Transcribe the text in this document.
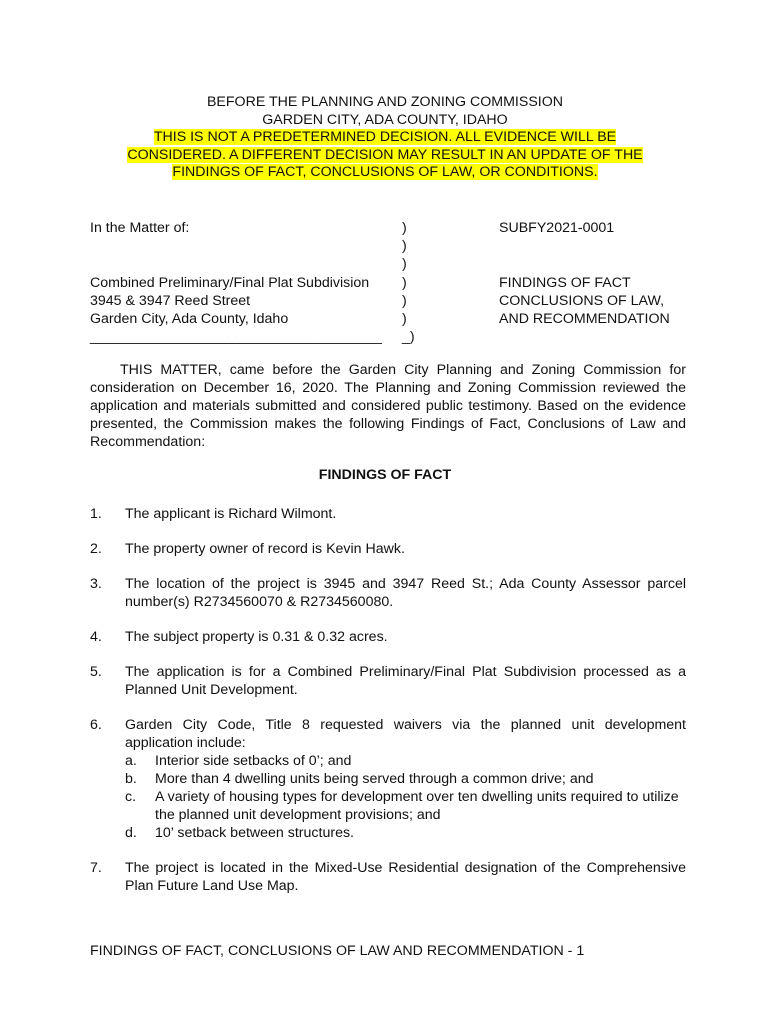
BEFORE THE PLANNING AND ZONING COMMISSION
GARDEN CITY, ADA COUNTY, IDAHO
THIS IS NOT A PREDETERMINED DECISION. ALL EVIDENCE WILL BE
CONSIDERED. A DIFFERENT DECISION MAY RESULT IN AN UPDATE OF THE
FINDINGS OF FACT, CONCLUSIONS OF LAW, OR CONDITIONS.
In the Matter of:
Combined Preliminary/Final Plat Subdivision
3945 & 3947 Reed Street
Garden City, Ada County, Idaho
_____________________________________
)
)
)
)
)
)
_)
SUBFY2021-0001
FINDINGS OF FACT
CONCLUSIONS OF LAW,
AND RECOMMENDATION

THIS MATTER, came before the Garden City Planning and Zoning Commission for consideration on December 16, 2020. The Planning and Zoning Commission reviewed the application and materials submitted and considered public testimony. Based on the evidence presented, the Commission makes the following Findings of Fact, Conclusions of Law and Recommendation:

FINDINGS OF FACT
1. The applicant is Richard Wilmont.
2. The property owner of record is Kevin Hawk.
3. The location of the project is 3945 and 3947 Reed St.; Ada County Assessor parcel number(s) R2734560070 & R2734560080.
4. The subject property is 0.31 & 0.32 acres.
5. The application is for a Combined Preliminary/Final Plat Subdivision processed as a Planned Unit Development.
6. Garden City Code, Title 8 requested waivers via the planned unit development application include:
a. Interior side setbacks of 0’; and
b. More than 4 dwelling units being served through a common drive; and
c. A variety of housing types for development over ten dwelling units required to utilize the planned unit development provisions; and
d. 10’ setback between structures.
7. The project is located in the Mixed-Use Residential designation of the Comprehensive Plan Future Land Use Map.
FINDINGS OF FACT, CONCLUSIONS OF LAW AND RECOMMENDATION - 1
